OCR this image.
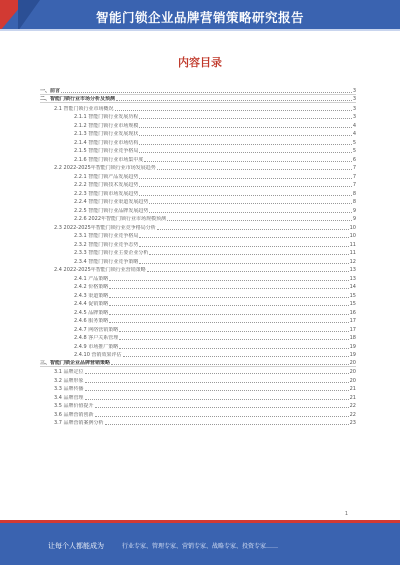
智能门锁企业品牌营销策略研究报告
内容目录
一、前言	3
二、智能门锁行业市场分析及预测	3
2.1 智能门锁行业市场概况	3
2.1.1 智能门锁行业发展历程	3
2.1.2 智能门锁行业市场规模	4
2.1.3 智能门锁行业发展现状	4
2.1.4 智能门锁行业市场结构	5
2.1.5 智能门锁行业竞争格局	5
2.1.6 智能门锁行业市场集中度	6
2.2 2022-2025年智能门锁行业市场发展趋势	7
2.2.1 智能门锁产品发展趋势	7
2.2.2 智能门锁技术发展趋势	7
2.2.3 智能门锁市场发展趋势	8
2.2.4 智能门锁行业渠道发展趋势	8
2.2.5 智能门锁行业品牌发展趋势	9
2.2.6 2022年智能门锁行业市场规模预测	9
2.3 2022-2025年智能门锁行业竞争格局分析	10
2.3.1 智能门锁行业竞争格局	10
2.3.2 智能门锁行业竞争态势	11
2.3.3 智能门锁行业主要企业分析	11
2.3.4 智能门锁行业竞争策略	12
2.4 2022-2025年智能门锁行业营销策略	13
2.4.1 产品策略	13
2.4.2 价格策略	14
2.4.3 渠道策略	15
2.4.4 促销策略	15
2.4.5 品牌策略	16
2.4.6 服务策略	17
2.4.7 网络营销策略	17
2.4.8 客户关系管理	18
2.4.9 市场推广策略	19
2.4.10 营销效果评估	19
三、智能门锁企业品牌营销策略	20
3.1 品牌定位	20
3.2 品牌形象	20
3.3 品牌传播	21
3.4 品牌管理	21
3.5 品牌价值提升	22
3.6 品牌营销创新	22
3.7 品牌营销案例分析	23
1
让每个人都能成为	行业专家、管理专家、营销专家、战略专家、投资专家……
